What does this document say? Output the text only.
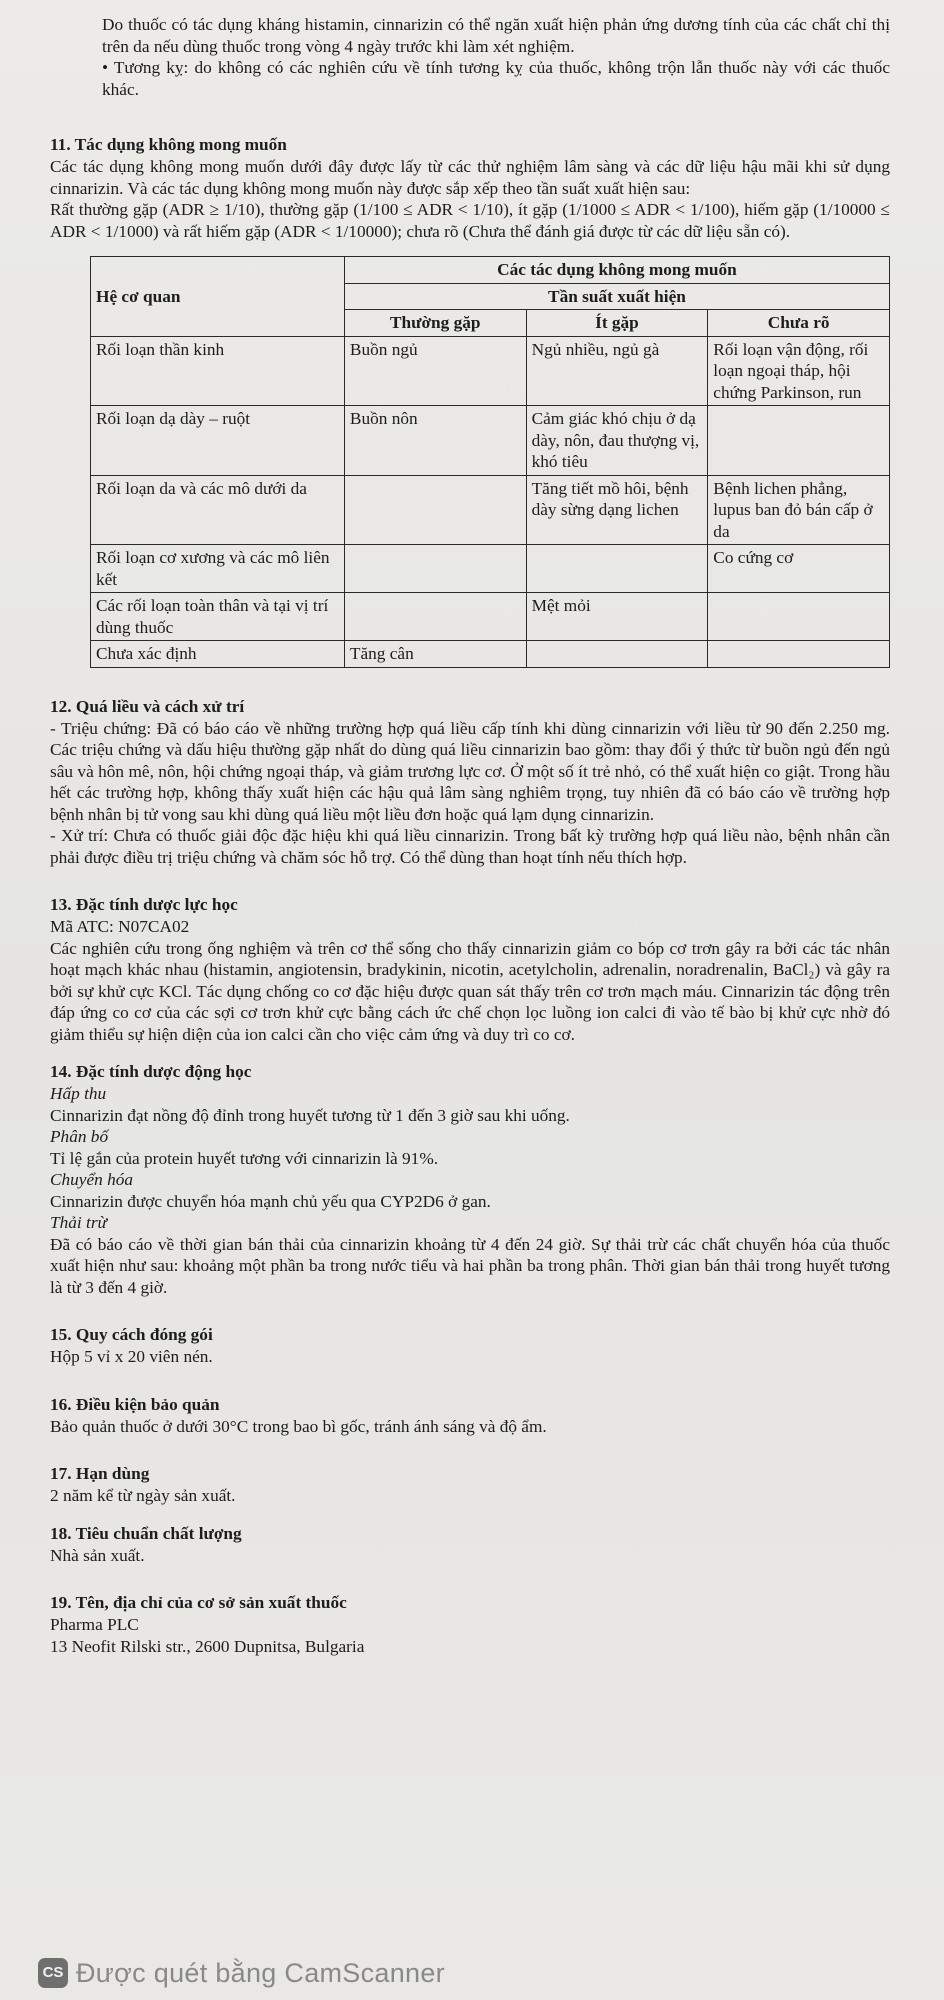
Do thuốc có tác dụng kháng histamin, cinnarizin có thể ngăn xuất hiện phản ứng dương tính của các chất chỉ thị trên da nếu dùng thuốc trong vòng 4 ngày trước khi làm xét nghiệm.

• Tương kỵ: do không có các nghiên cứu về tính tương kỵ của thuốc, không trộn lẫn thuốc này với các thuốc khác.

11. Tác dụng không mong muốn

Các tác dụng không mong muốn dưới đây được lấy từ các thử nghiệm lâm sàng và các dữ liệu hậu mãi khi sử dụng cinnarizin. Và các tác dụng không mong muốn này được sắp xếp theo tần suất xuất hiện sau:

Rất thường gặp (ADR ≥ 1/10), thường gặp (1/100 ≤ ADR < 1/10), ít gặp (1/1000 ≤ ADR < 1/100), hiếm gặp (1/10000 ≤ ADR < 1/1000) và rất hiếm gặp (ADR < 1/10000); chưa rõ (Chưa thể đánh giá được từ các dữ liệu sẵn có).

Hệ cơ quan	Các tác dụng không mong muốn		
	Tần suất xuất hiện		
	Thường gặp	Ít gặp	Chưa rõ
Rối loạn thần kinh	Buồn ngủ	Ngủ nhiều, ngủ gà	Rối loạn vận động, rối loạn ngoại tháp, hội chứng Parkinson, run
Rối loạn dạ dày – ruột	Buồn nôn	Cảm giác khó chịu ở dạ dày, nôn, đau thượng vị, khó tiêu	
Rối loạn da và các mô dưới da		Tăng tiết mồ hôi, bệnh dày sừng dạng lichen	Bệnh lichen phẳng, lupus ban đỏ bán cấp ở da
Rối loạn cơ xương và các mô liên kết			Co cứng cơ
Các rối loạn toàn thân và tại vị trí dùng thuốc		Mệt mỏi	
Chưa xác định	Tăng cân		
12. Quá liều và cách xử trí

- Triệu chứng: Đã có báo cáo về những trường hợp quá liều cấp tính khi dùng cinnarizin với liều từ 90 đến 2.250 mg. Các triệu chứng và dấu hiệu thường gặp nhất do dùng quá liều cinnarizin bao gồm: thay đổi ý thức từ buồn ngủ đến ngủ sâu và hôn mê, nôn, hội chứng ngoại tháp, và giảm trương lực cơ. Ở một số ít trẻ nhỏ, có thể xuất hiện co giật. Trong hầu hết các trường hợp, không thấy xuất hiện các hậu quả lâm sàng nghiêm trọng, tuy nhiên đã có báo cáo về trường hợp bệnh nhân bị tử vong sau khi dùng quá liều một liều đơn hoặc quá lạm dụng cinnarizin.

- Xử trí: Chưa có thuốc giải độc đặc hiệu khi quá liều cinnarizin. Trong bất kỳ trường hợp quá liều nào, bệnh nhân cần phải được điều trị triệu chứng và chăm sóc hỗ trợ. Có thể dùng than hoạt tính nếu thích hợp.

13. Đặc tính dược lực học

Mã ATC: N07CA02

Các nghiên cứu trong ống nghiệm và trên cơ thể sống cho thấy cinnarizin giảm co bóp cơ trơn gây ra bởi các tác nhân hoạt mạch khác nhau (histamin, angiotensin, bradykinin, nicotin, acetylcholin, adrenalin, noradrenalin, BaCl₂) và gây ra bởi sự khử cực KCl. Tác dụng chống co cơ đặc hiệu được quan sát thấy trên cơ trơn mạch máu. Cinnarizin tác động trên đáp ứng co cơ của các sợi cơ trơn khử cực bằng cách ức chế chọn lọc luồng ion calci đi vào tế bào bị khử cực nhờ đó giảm thiểu sự hiện diện của ion calci cần cho việc cảm ứng và duy trì co cơ.

14. Đặc tính dược động học

Hấp thu

Cinnarizin đạt nồng độ đỉnh trong huyết tương từ 1 đến 3 giờ sau khi uống.

Phân bố

Tỉ lệ gắn của protein huyết tương với cinnarizin là 91%.

Chuyển hóa

Cinnarizin được chuyển hóa mạnh chủ yếu qua CYP2D6 ở gan.

Thải trừ

Đã có báo cáo về thời gian bán thải của cinnarizin khoảng từ 4 đến 24 giờ. Sự thải trừ các chất chuyển hóa của thuốc xuất hiện như sau: khoảng một phần ba trong nước tiểu và hai phần ba trong phân. Thời gian bán thải trong huyết tương là từ 3 đến 4 giờ.

15. Quy cách đóng gói

Hộp 5 vỉ x 20 viên nén.

16. Điều kiện bảo quản

Bảo quản thuốc ở dưới 30°C trong bao bì gốc, tránh ánh sáng và độ ẩm.

17. Hạn dùng

2 năm kể từ ngày sản xuất.

18. Tiêu chuẩn chất lượng

Nhà sản xuất.

19. Tên, địa chỉ của cơ sở sản xuất thuốc

Pharma PLC

13 Neofit Rilski str., 2600 Dupnitsa, Bulgaria

CS Được quét bằng CamScanner
